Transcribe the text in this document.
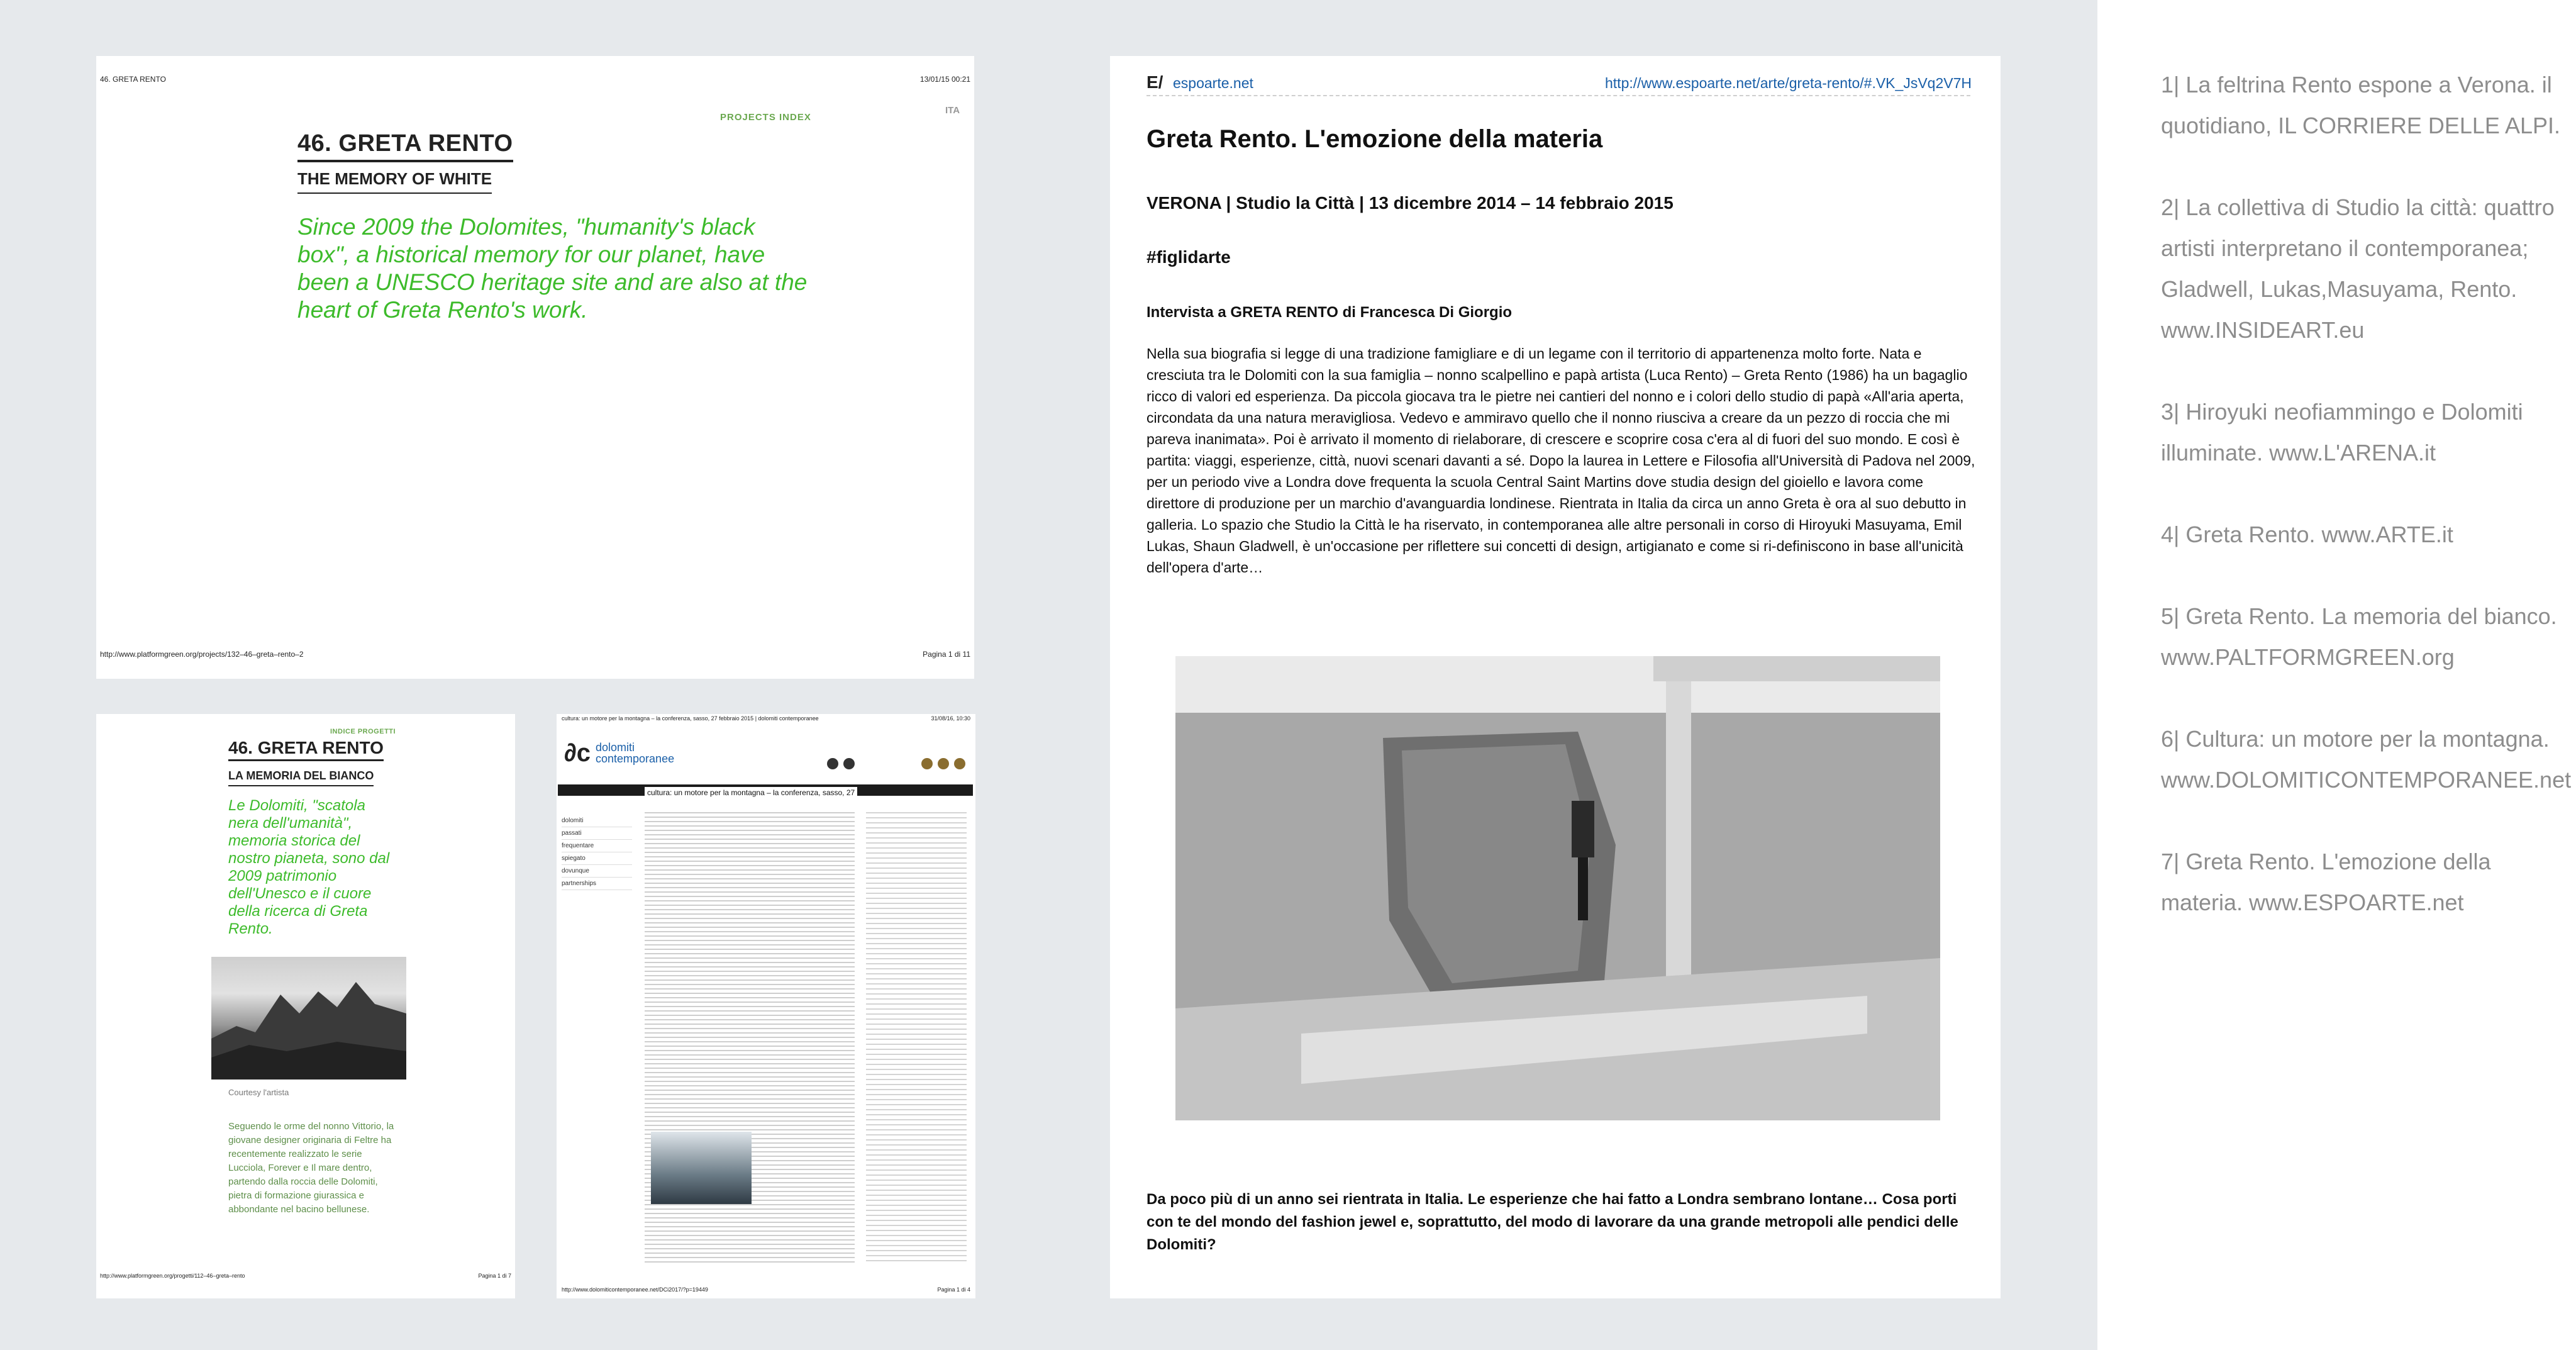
46. GRETA RENTO	13/01/15 00:21
PROJECTS INDEX
ITA
46. GRETA RENTO
THE MEMORY OF WHITE
Since 2009 the Dolomites, "humanity's black box", a historical memory for our planet, have been a UNESCO heritage site and are also at the heart of Greta Rento's work.
http://www.platformgreen.org/projects/132–46–greta–rento–2	Pagina 1 di 11
INDICE PROGETTI
46. GRETA RENTO
LA MEMORIA DEL BIANCO
Le Dolomiti, "scatola nera dell'umanità", memoria storica del nostro pianeta, sono dal 2009 patrimonio dell'Unesco e il cuore della ricerca di Greta Rento.
Courtesy l'artista
Seguendo le orme del nonno Vittorio, la giovane designer originaria di Feltre ha recentemente realizzato le serie Lucciola, Forever e Il mare dentro, partendo dalla roccia delle Dolomiti, pietra di formazione giurassica e abbondante nel bacino bellunese.
http://www.platformgreen.org/progetti/112–46–greta–rento	Pagina 1 di 7
cultura: un motore per la montagna – la conferenza, sasso, 27 febbraio 2015 | dolomiti contemporanee	31/08/16, 10:30
∂c dolomiti
contemporanee
cultura: un motore per la montagna – la conferenza, sasso, 27
dolomiti
passati
frequentare
spiegato
dovunque
partnerships
http://www.dolomiticontemporanee.net/DCi2017/?p=19449	Pagina 1 di 4
E/ espoarte.net	http://www.espoarte.net/arte/greta-rento/#.VK_JsVq2V7H
Greta Rento. L'emozione della materia
VERONA | Studio la Città | 13 dicembre 2014 – 14 febbraio 2015
#figlidarte
Intervista a GRETA RENTO di Francesca Di Giorgio
Nella sua biografia si legge di una tradizione famigliare e di un legame con il territorio di appartenenza molto forte. Nata e cresciuta tra le Dolomiti con la sua famiglia – nonno scalpellino e papà artista (Luca Rento) – Greta Rento (1986) ha un bagaglio ricco di valori ed esperienza. Da piccola giocava tra le pietre nei cantieri del nonno e i colori dello studio di papà «All'aria aperta, circondata da una natura meravigliosa. Vedevo e ammiravo quello che il nonno riusciva a creare da un pezzo di roccia che mi pareva inanimata». Poi è arrivato il momento di rielaborare, di crescere e scoprire cosa c'era al di fuori del suo mondo. E così è partita: viaggi, esperienze, città, nuovi scenari davanti a sé. Dopo la laurea in Lettere e Filosofia all'Università di Padova nel 2009, per un periodo vive a Londra dove frequenta la scuola Central Saint Martins dove studia design del gioiello e lavora come direttore di produzione per un marchio d'avanguardia londinese. Rientrata in Italia da circa un anno Greta è ora al suo debutto in galleria. Lo spazio che Studio la Città le ha riservato, in contemporanea alle altre personali in corso di Hiroyuki Masuyama, Emil Lukas, Shaun Gladwell, è un'occasione per riflettere sui concetti di design, artigianato e come si ri-definiscono in base all'unicità dell'opera d'arte…
Da poco più di un anno sei rientrata in Italia. Le esperienze che hai fatto a Londra sembrano lontane… Cosa porti con te del mondo del fashion jewel e, soprattutto, del modo di lavorare da una grande metropoli alle pendici delle Dolomiti?
1| La feltrina Rento espone a Verona. il quotidiano, IL CORRIERE DELLE ALPI.
2| La collettiva di Studio la città: quattro artisti interpretano il contemporanea; Gladwell, Lukas,Masuyama, Rento. www.INSIDEART.eu
3| Hiroyuki neofiammingo e Dolomiti illuminate. www.L'ARENA.it
4| Greta Rento. www.ARTE.it
5| Greta Rento. La memoria del bianco. www.PALTFORMGREEN.org
6| Cultura: un motore per la montagna. www.DOLOMITICONTEMPORANEE.net
7| Greta Rento. L'emozione della materia. www.ESPOARTE.net
